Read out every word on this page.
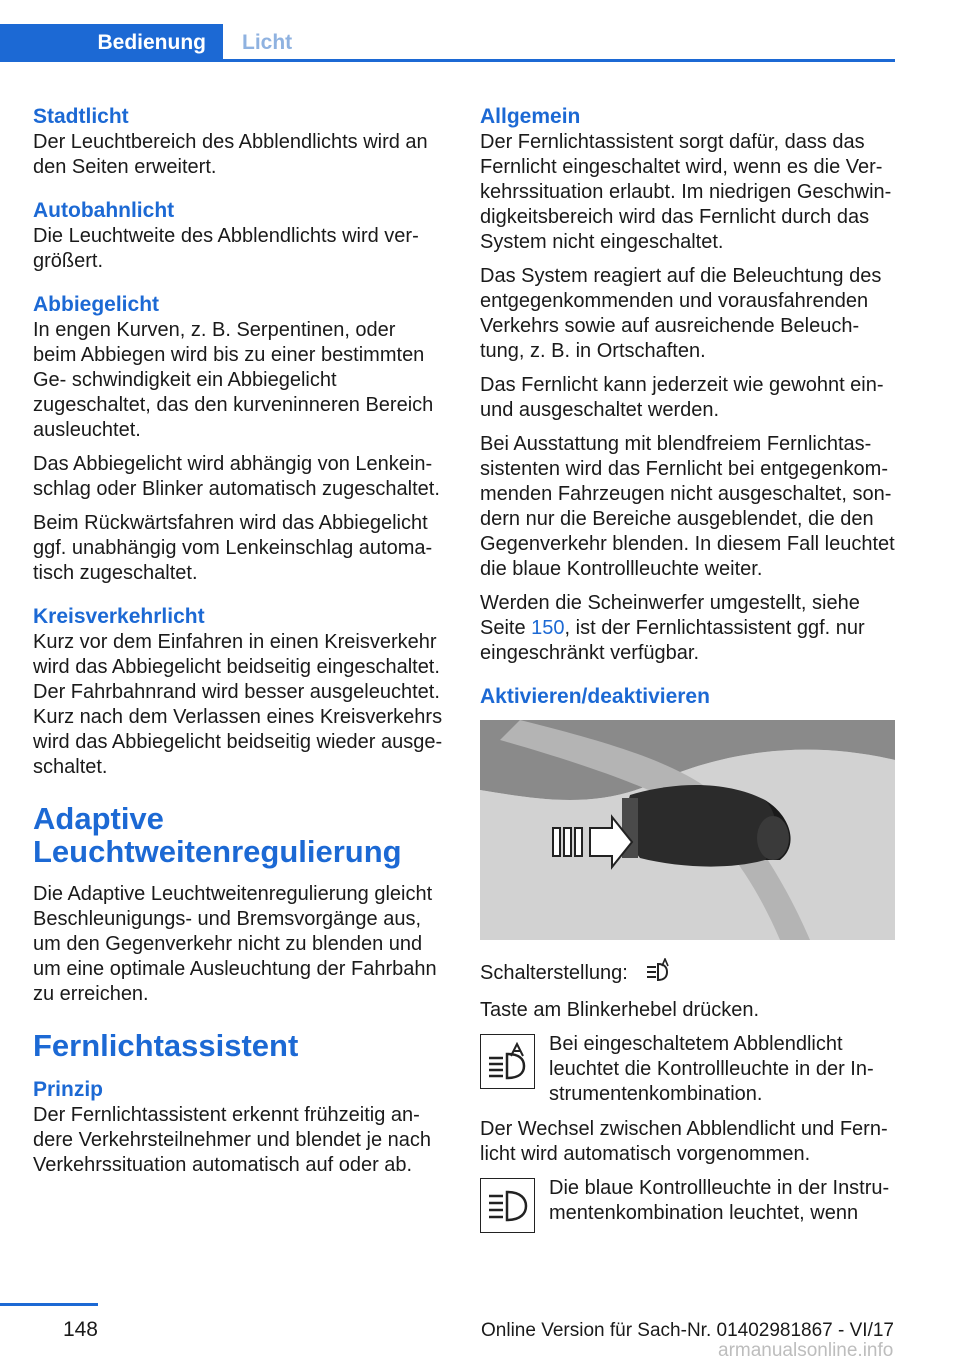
Bedienung	Licht
Stadtlicht
Der Leuchtbereich des Abblendlichts wird an den Seiten erweitert.
Autobahnlicht
Die Leuchtweite des Abblendlichts wird ver‐ größert.
Abbiegelicht
In engen Kurven, z. B. Serpentinen, oder beim Abbiegen wird bis zu einer bestimmten Ge‐ schwindigkeit ein Abbiegelicht zugeschaltet, das den kurveninneren Bereich ausleuchtet.
Das Abbiegelicht wird abhängig von Lenkein‐ schlag oder Blinker automatisch zugeschaltet.
Beim Rückwärtsfahren wird das Abbiegelicht ggf. unabhängig vom Lenkeinschlag automa‐ tisch zugeschaltet.
Kreisverkehrlicht
Kurz vor dem Einfahren in einen Kreisverkehr wird das Abbiegelicht beidseitig eingeschaltet. Der Fahrbahnrand wird besser ausgeleuchtet. Kurz nach dem Verlassen eines Kreisverkehrs wird das Abbiegelicht beidseitig wieder ausge‐ schaltet.
Adaptive
Leuchtweitenregulierung
Die Adaptive Leuchtweitenregulierung gleicht Beschleunigungs- und Bremsvorgänge aus, um den Gegenverkehr nicht zu blenden und um eine optimale Ausleuchtung der Fahrbahn zu erreichen.
Fernlichtassistent
Prinzip
Der Fernlichtassistent erkennt frühzeitig an‐ dere Verkehrsteilnehmer und blendet je nach Verkehrssituation automatisch auf oder ab.
Allgemein
Der Fernlichtassistent sorgt dafür, dass das Fernlicht eingeschaltet wird, wenn es die Ver‐ kehrssituation erlaubt. Im niedrigen Geschwin‐ digkeitsbereich wird das Fernlicht durch das System nicht eingeschaltet.
Das System reagiert auf die Beleuchtung des entgegenkommenden und vorausfahrenden Verkehrs sowie auf ausreichende Beleuch‐ tung, z. B. in Ortschaften.
Das Fernlicht kann jederzeit wie gewohnt ein- und ausgeschaltet werden.
Bei Ausstattung mit blendfreiem Fernlichtas‐ sistenten wird das Fernlicht bei entgegenkom‐ menden Fahrzeugen nicht ausgeschaltet, son‐ dern nur die Bereiche ausgeblendet, die den Gegenverkehr blenden. In diesem Fall leuchtet die blaue Kontrollleuchte weiter.
Werden die Scheinwerfer umgestellt, siehe Seite 150, ist der Fernlichtassistent ggf. nur eingeschränkt verfügbar.
Aktivieren/deaktivieren
Schalterstellung:
Taste am Blinkerhebel drücken.
Bei eingeschaltetem Abblendlicht leuchtet die Kontrollleuchte in der In‐ strumentenkombination.
Der Wechsel zwischen Abblendlicht und Fern‐ licht wird automatisch vorgenommen.
Die blaue Kontrollleuchte in der Instru‐ mentenkombination leuchtet, wenn
148	Online Version für Sach-Nr. 01402981867 - VI/17
armanualsonline.info
